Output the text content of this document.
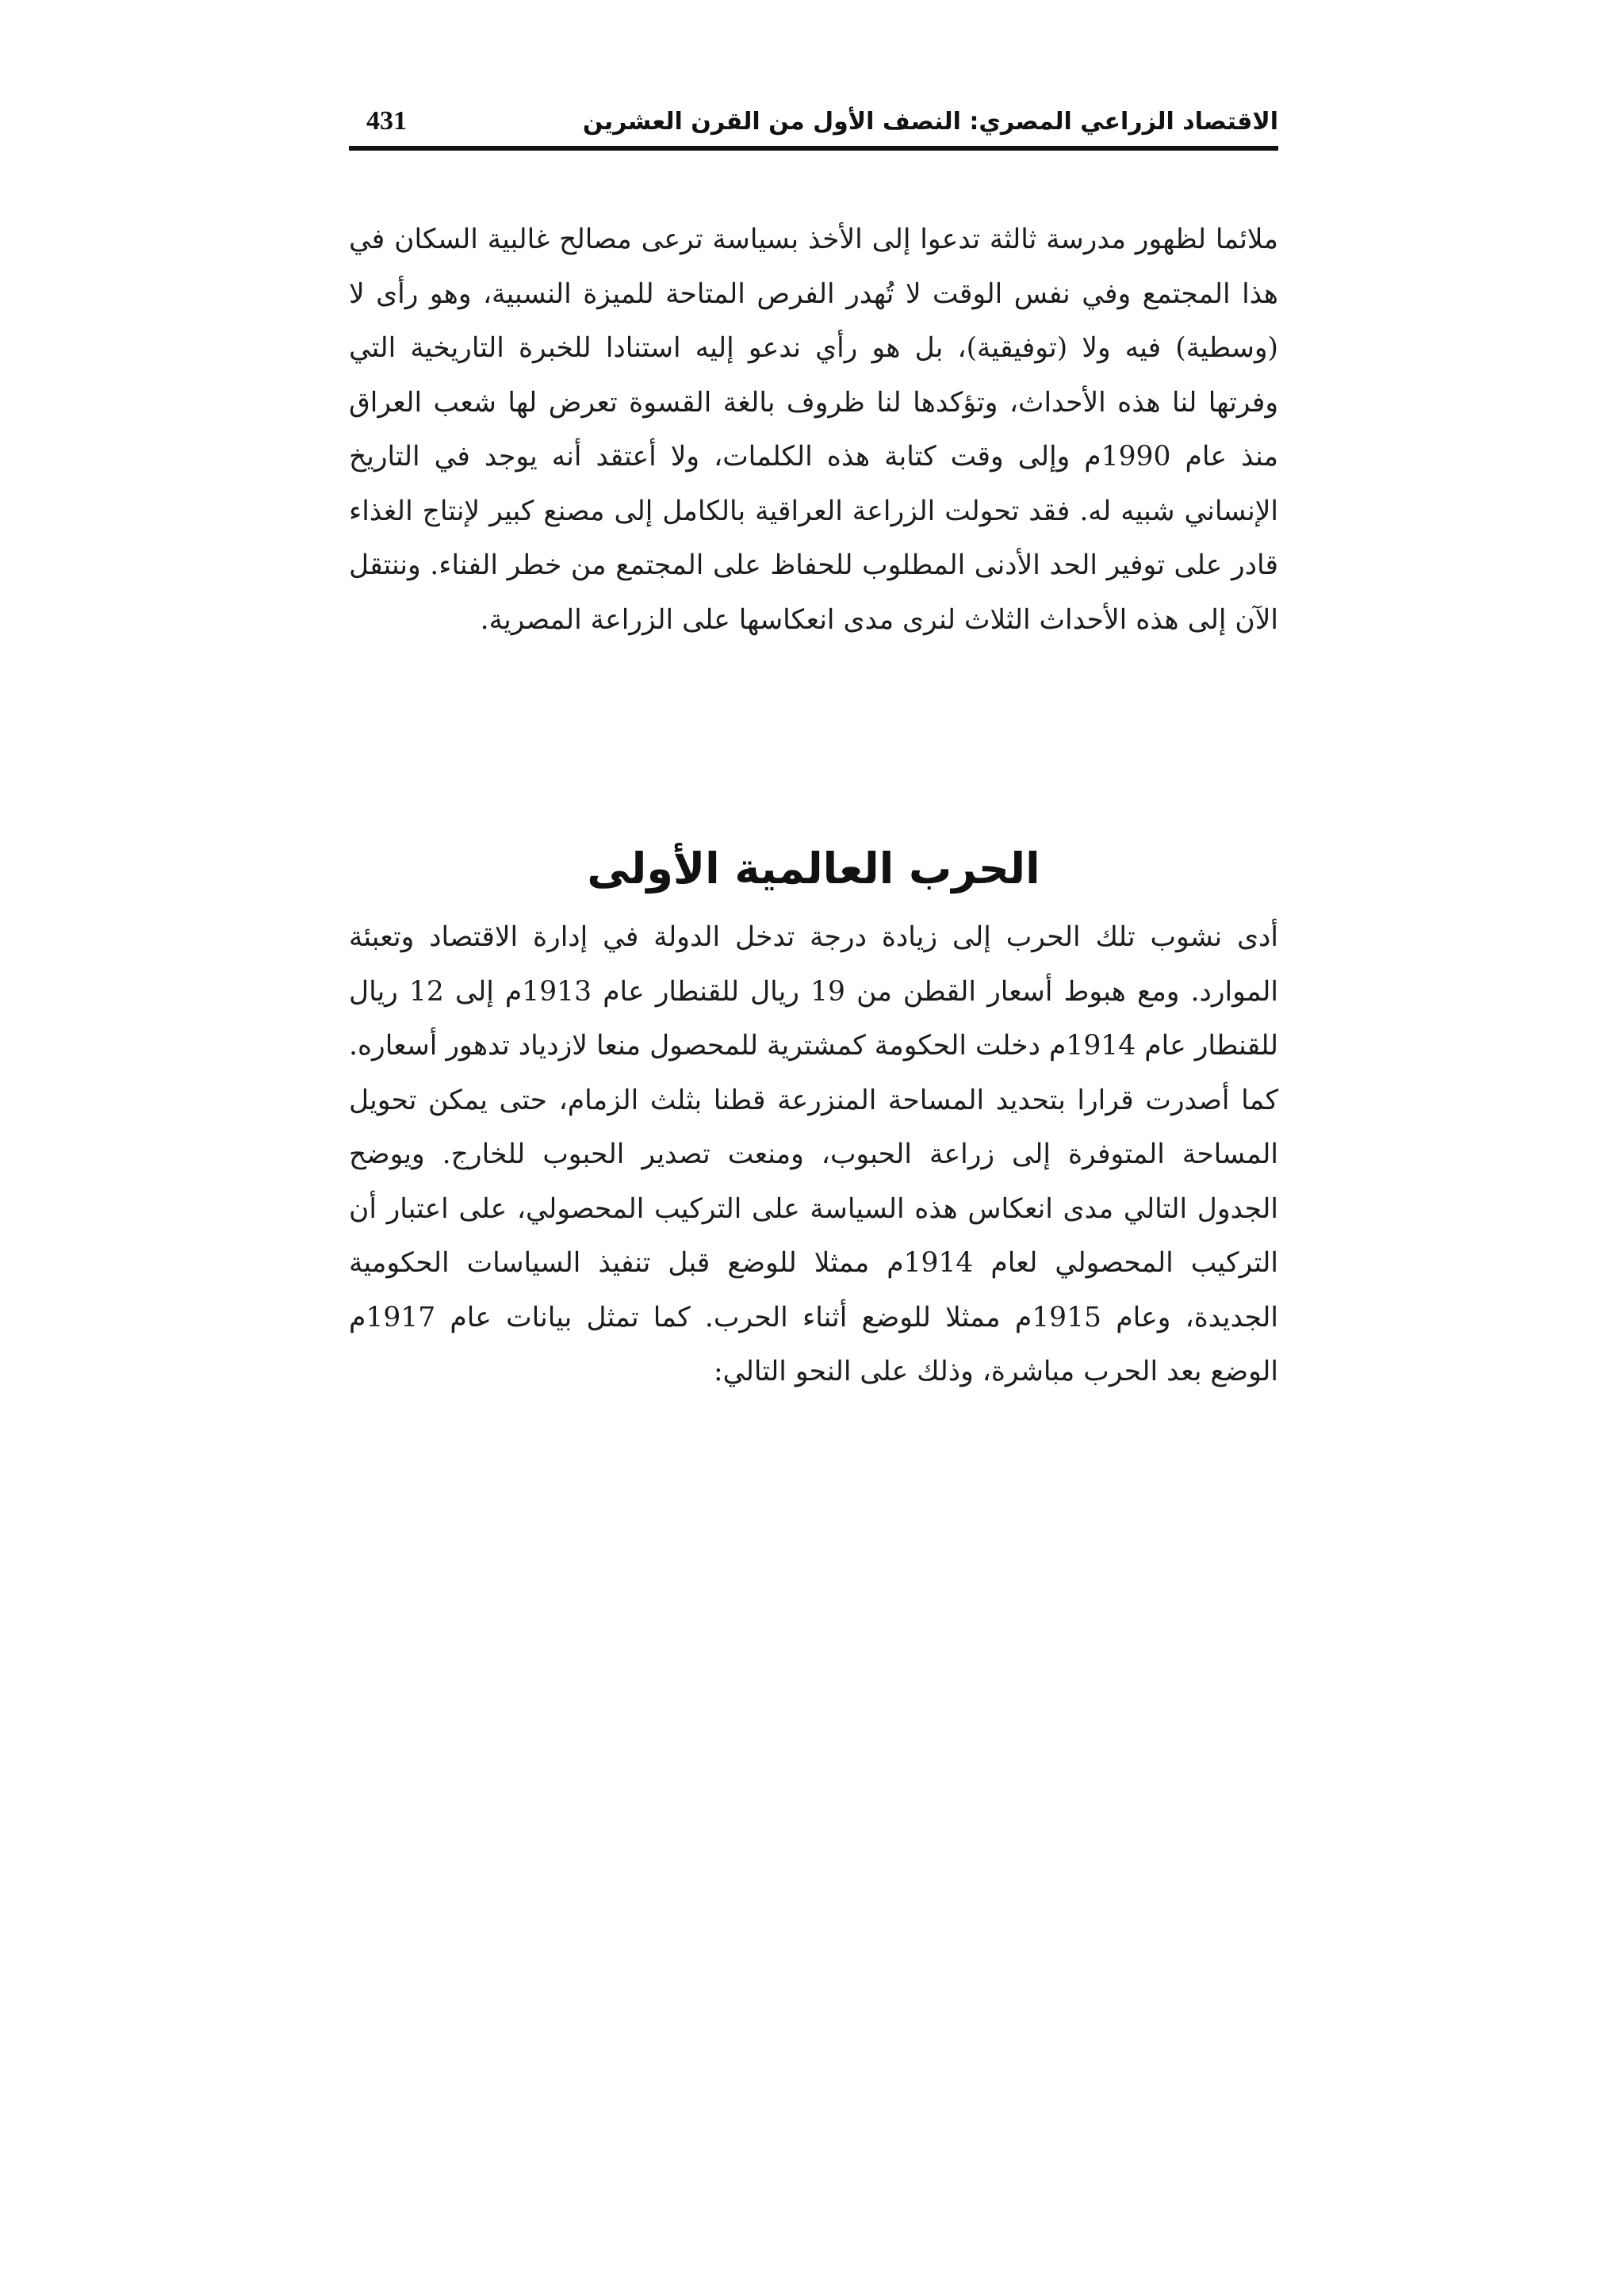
الاقتصاد الزراعي المصري: النصف الأول من القرن العشرين
431

ملائما لظهور مدرسة ثالثة تدعوا إلى الأخذ بسياسة ترعى مصالح غالبية السكان في هذا المجتمع وفي نفس الوقت لا تُهدر الفرص المتاحة للميزة النسبية، وهو رأى لا (وسطية) فيه ولا (توفيقية)، بل هو رأي ندعو إليه استنادا للخبرة التاريخية التي وفرتها لنا هذه الأحداث، وتؤكدها لنا ظروف بالغة القسوة تعرض لها شعب العراق منذ عام 1990م وإلى وقت كتابة هذه الكلمات، ولا أعتقد أنه يوجد في التاريخ الإنساني شبيه له. فقد تحولت الزراعة العراقية بالكامل إلى مصنع كبير لإنتاج الغذاء قادر على توفير الحد الأدنى المطلوب للحفاظ على المجتمع من خطر الفناء. وننتقل الآن إلى هذه الأحداث الثلاث لنرى مدى انعكاسها على الزراعة المصرية.

الحرب العالمية الأولى

أدى نشوب تلك الحرب إلى زيادة درجة تدخل الدولة في إدارة الاقتصاد وتعبئة الموارد. ومع هبوط أسعار القطن من 19 ريال للقنطار عام 1913م إلى 12 ريال للقنطار عام 1914م دخلت الحكومة كمشترية للمحصول منعا لازدياد تدهور أسعاره. كما أصدرت قرارا بتحديد المساحة المنزرعة قطنا بثلث الزمام، حتى يمكن تحويل المساحة المتوفرة إلى زراعة الحبوب، ومنعت تصدير الحبوب للخارج. ويوضح الجدول التالي مدى انعكاس هذه السياسة على التركيب المحصولي، على اعتبار أن التركيب المحصولي لعام 1914م ممثلا للوضع قبل تنفيذ السياسات الحكومية الجديدة، وعام 1915م ممثلا للوضع أثناء الحرب. كما تمثل بيانات عام 1917م الوضع بعد الحرب مباشرة، وذلك على النحو التالي:
